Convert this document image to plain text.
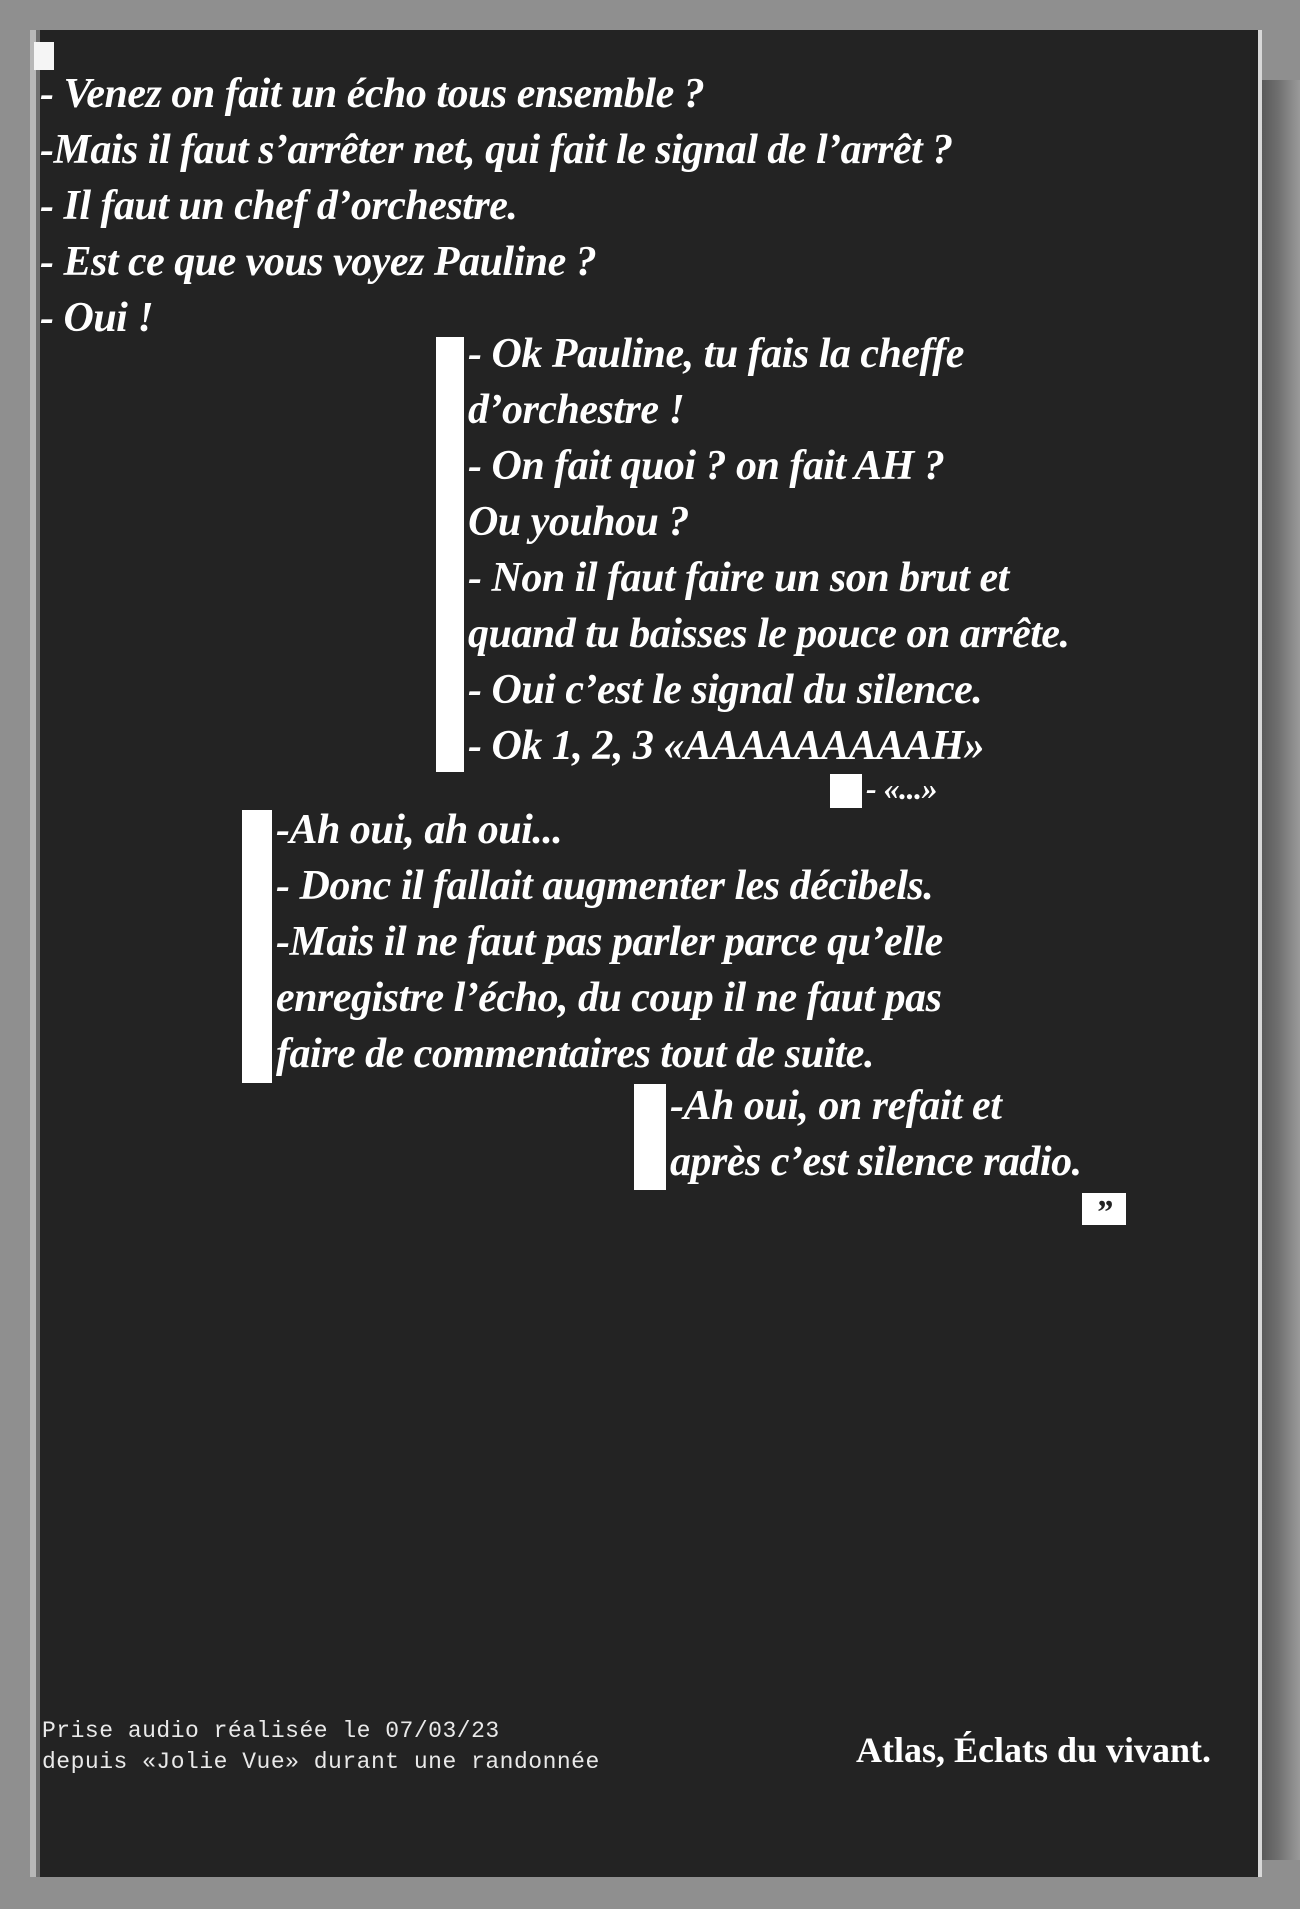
- Venez on fait un écho tous ensemble ?
-Mais il faut s’arrêter net, qui fait le signal de l’arrêt ?
- Il faut un chef d’orchestre.
- Est ce que vous voyez Pauline ?
- Oui !
- Ok Pauline, tu fais la cheffe
d’orchestre !
- On fait quoi ? on fait AH ?
Ou youhou ?
- Non il faut faire un son brut et
quand tu baisses le pouce on arrête.
- Oui c’est le signal du silence.
- Ok 1, 2, 3 «AAAAAAAAAH»
- «...»
-Ah oui, ah oui...
- Donc il fallait augmenter les décibels.
-Mais il ne faut pas parler parce qu’elle
enregistre l’écho, du coup il ne faut pas
faire de commentaires tout de suite.
-Ah oui, on refait et
après c’est silence radio.
”
Prise audio réalisée le 07/03/23
depuis «Jolie Vue» durant une randonnée	Atlas, Éclats du vivant.
